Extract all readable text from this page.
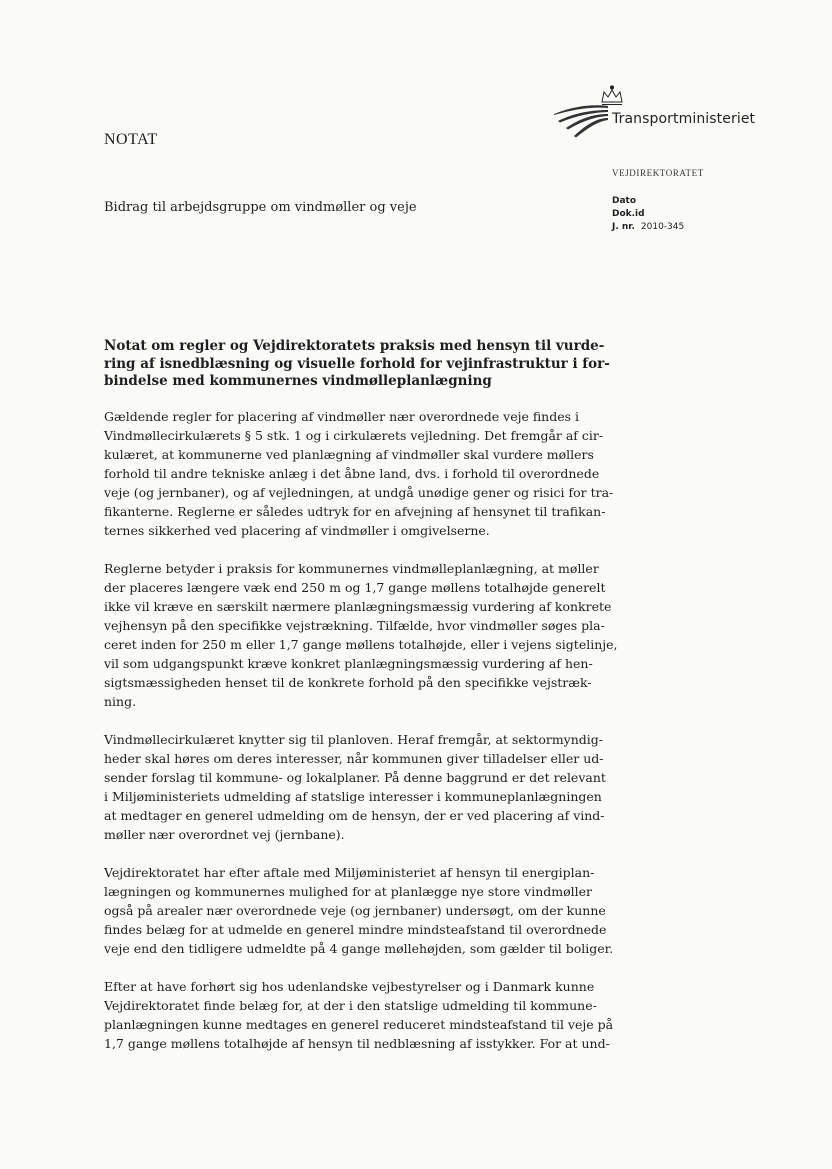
Transportministeriet
NOTAT
VEJDIREKTORATET
Dato
Dok.id
J. nr. 2010-345
Bidrag til arbejdsgruppe om vindmøller og veje
Notat om regler og Vejdirektoratets praksis med hensyn til vurde-
ring af isnedblæsning og visuelle forhold for vejinfrastruktur i for-
bindelse med kommunernes vindmølleplanlægning
Gældende regler for placering af vindmøller nær overordnede veje findes i
Vindmøllecirkulærets § 5 stk. 1 og i cirkulærets vejledning. Det fremgår af cir-
kulæret, at kommunerne ved planlægning af vindmøller skal vurdere møllers
forhold til andre tekniske anlæg i det åbne land, dvs. i forhold til overordnede
veje (og jernbaner), og af vejledningen, at undgå unødige gener og risici for tra-
fikanterne. Reglerne er således udtryk for en afvejning af hensynet til trafikan-
ternes sikkerhed ved placering af vindmøller i omgivelserne.
Reglerne betyder i praksis for kommunernes vindmølleplanlægning, at møller
der placeres længere væk end 250 m og 1,7 gange møllens totalhøjde generelt
ikke vil kræve en særskilt nærmere planlægningsmæssig vurdering af konkrete
vejhensyn på den specifikke vejstrækning. Tilfælde, hvor vindmøller søges pla-
ceret inden for 250 m eller 1,7 gange møllens totalhøjde, eller i vejens sigtelinje,
vil som udgangspunkt kræve konkret planlægningsmæssig vurdering af hen-
sigtsmæssigheden henset til de konkrete forhold på den specifikke vejstræk-
ning.
Vindmøllecirkulæret knytter sig til planloven. Heraf fremgår, at sektormyndig-
heder skal høres om deres interesser, når kommunen giver tilladelser eller ud-
sender forslag til kommune- og lokalplaner. På denne baggrund er det relevant
i Miljøministeriets udmelding af statslige interesser i kommuneplanlægningen
at medtager en generel udmelding om de hensyn, der er ved placering af vind-
møller nær overordnet vej (jernbane).
Vejdirektoratet har efter aftale med Miljøministeriet af hensyn til energiplan-
lægningen og kommunernes mulighed for at planlægge nye store vindmøller
også på arealer nær overordnede veje (og jernbaner) undersøgt, om der kunne
findes belæg for at udmelde en generel mindre mindsteafstand til overordnede
veje end den tidligere udmeldte på 4 gange møllehøjden, som gælder til boliger.
Efter at have forhørt sig hos udenlandske vejbestyrelser og i Danmark kunne
Vejdirektoratet finde belæg for, at der i den statslige udmelding til kommune-
planlægningen kunne medtages en generel reduceret mindsteafstand til veje på
1,7 gange møllens totalhøjde af hensyn til nedblæsning af isstykker. For at und-
